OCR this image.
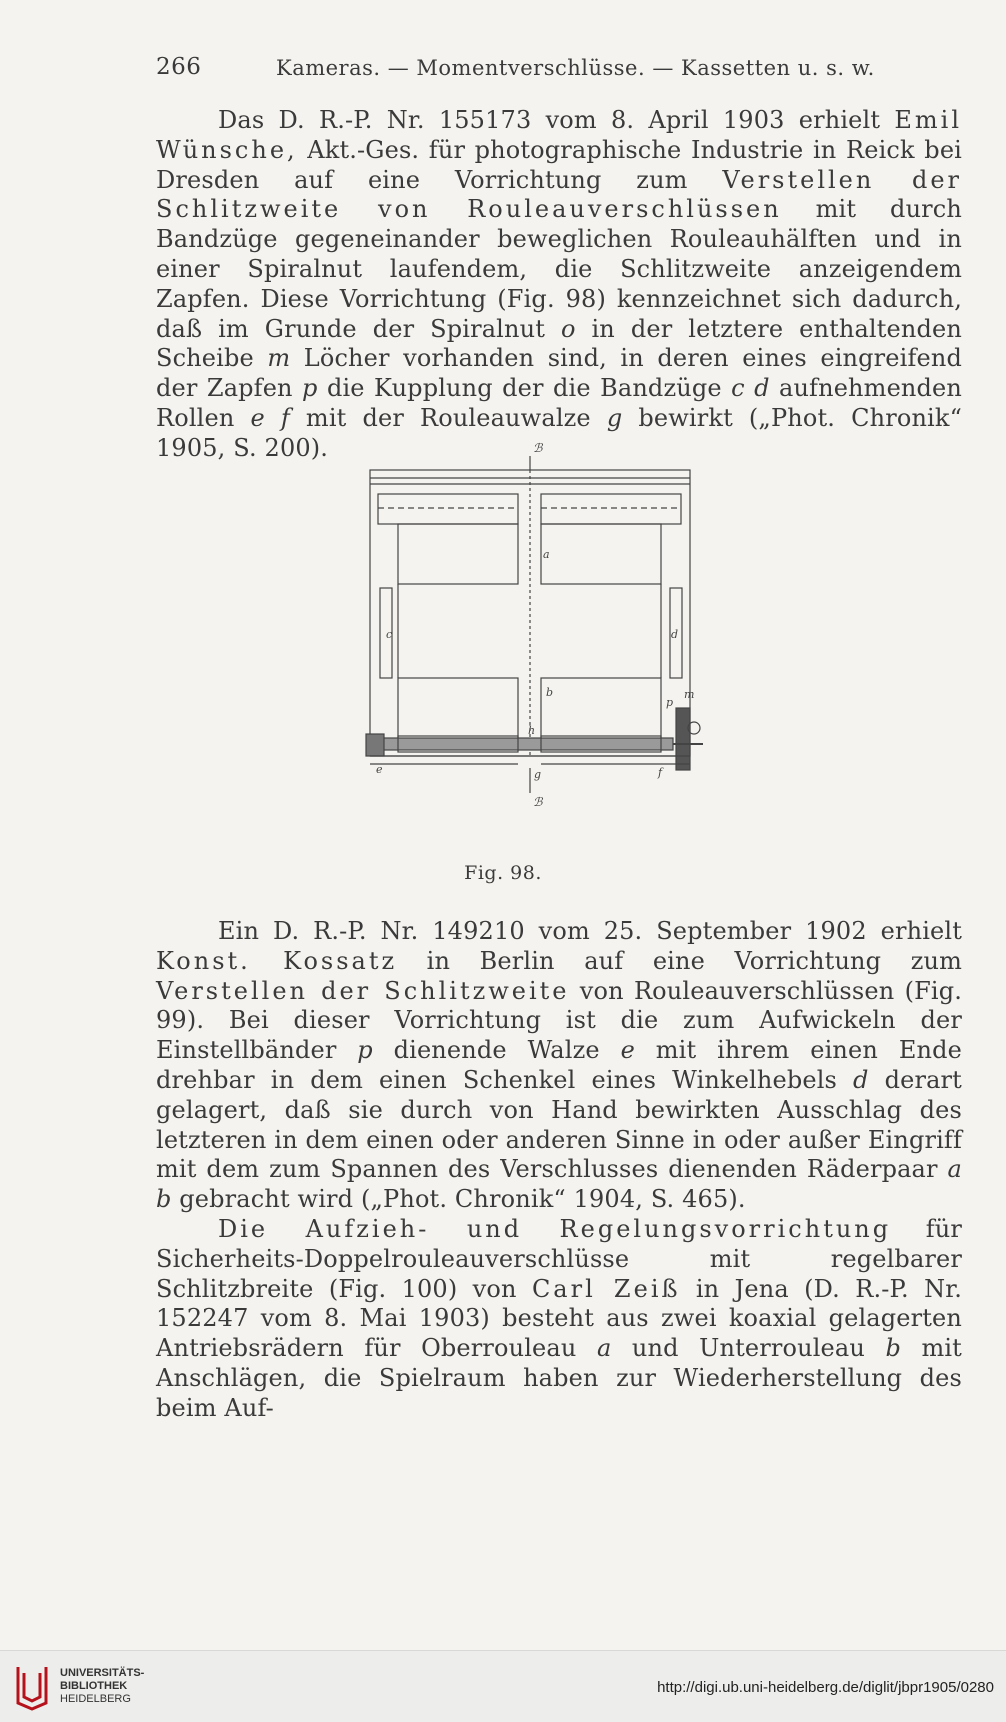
266	Kameras. — Momentverschlüsse. — Kassetten u. s. w.

Das D. R.-P. Nr. 155173 vom 8. April 1903 erhielt Emil Wünsche, Akt.-Ges. für photographische Industrie in Reick bei Dresden auf eine Vorrichtung zum Verstellen der Schlitzweite von Rouleauverschlüssen mit durch Bandzüge gegeneinander beweglichen Rouleauhälften und in einer Spiralnut laufendem, die Schlitzweite anzeigendem Zapfen. Diese Vorrichtung (Fig. 98) kennzeichnet sich dadurch, daß im Grunde der Spiralnut o in der letztere enthaltenden Scheibe m Löcher vorhanden sind, in deren eines eingreifend der Zapfen p die Kupplung der die Bandzüge c d aufnehmenden Rollen e f mit der Rouleauwalze g bewirkt („Phot. Chronik“ 1905, S. 200).	ℬ
ℬ
a
b
c	d
e	f
g
h
m
p
Fig. 98.

Ein D. R.-P. Nr. 149210 vom 25. September 1902 erhielt Konst. Kossatz in Berlin auf eine Vorrichtung zum Verstellen der Schlitzweite von Rouleauverschlüssen (Fig. 99). Bei dieser Vorrichtung ist die zum Aufwickeln der Einstellbänder p dienende Walze e mit ihrem einen Ende drehbar in dem einen Schenkel eines Winkelhebels d derart gelagert, daß sie durch von Hand bewirkten Ausschlag des letzteren in dem einen oder anderen Sinne in oder außer Eingriff mit dem zum Spannen des Verschlusses dienenden Räderpaar a b gebracht wird („Phot. Chronik“ 1904, S. 465).

Die Aufzieh- und Regelungsvorrichtung für Sicherheits-Doppelrouleauverschlüsse mit regelbarer Schlitzbreite (Fig. 100) von Carl Zeiß in Jena (D. R.-P. Nr. 152247 vom 8. Mai 1903) besteht aus zwei koaxial gelagerten Antriebsrädern für Oberrouleau a und Unterrouleau b mit Anschlägen, die Spielraum haben zur Wiederherstellung des beim Auf-

UNIVERSITÄTS-
BIBLIOTHEK
HEIDELBERG
http://digi.ub.uni-heidelberg.de/diglit/jbpr1905/0280
